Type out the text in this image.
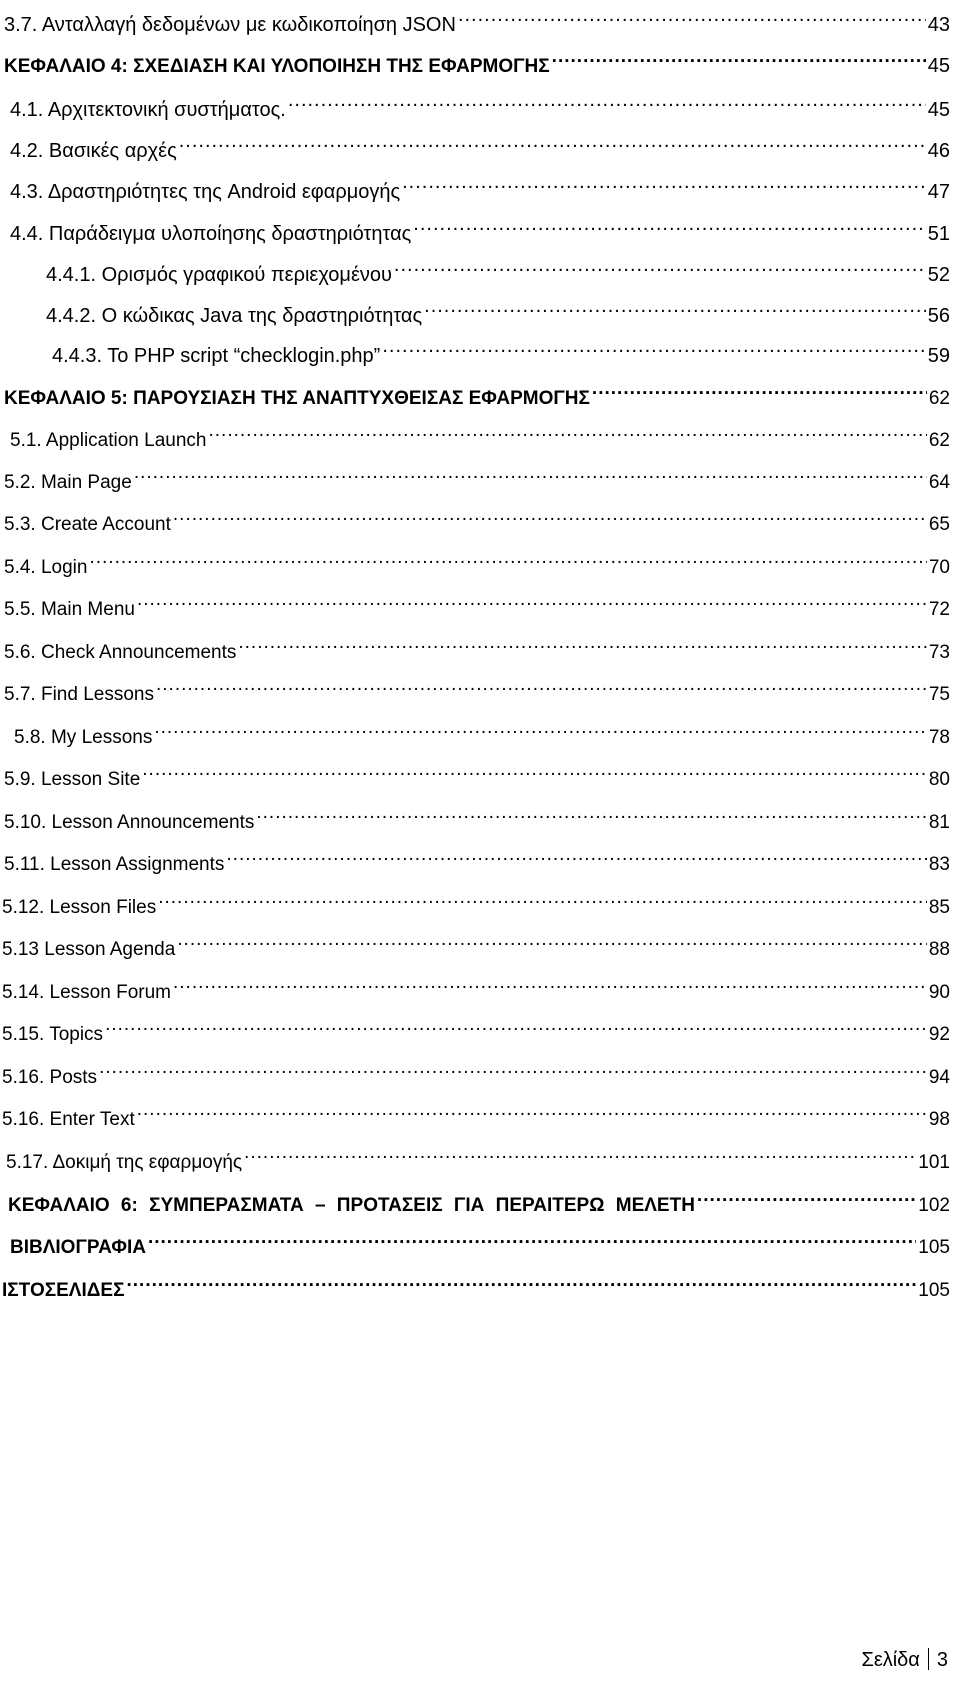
3.7. Ανταλλαγή δεδομένων με κωδικοποίηση JSON .....	43
ΚΕΦΑΛΑΙΟ 4: ΣΧΕΔΙΑΣΗ ΚΑΙ ΥΛΟΠΟΙΗΣΗ ΤΗΣ ΕΦΑΡΜΟΓΗΣ .....	45
4.1. Αρχιτεκτονική συστήματος. .....	45
4.2. Βασικές αρχές .....	46
4.3. Δραστηριότητες της Android εφαρμογής .....	47
4.4. Παράδειγμα υλοποίησης δραστηριότητας .....	51
4.4.1. Ορισμός γραφικού περιεχομένου .....	52
4.4.2. Ο κώδικας Java της δραστηριότητας .....	56
4.4.3. Το PHP script “checklogin.php” .....	59
ΚΕΦΑΛΑΙΟ 5: ΠΑΡΟΥΣΙΑΣΗ ΤΗΣ ΑΝΑΠΤΥΧΘΕΙΣΑΣ ΕΦΑΡΜΟΓΗΣ .....	62
5.1. Application Launch .....	62
5.2. Main Page .....	64
5.3. Create Account .....	65
5.4. Login .....	70
5.5. Main Menu .....	72
5.6. Check Announcements .....	73
5.7. Find Lessons .....	75
5.8. My Lessons .....	78
5.9. Lesson Site .....	80
5.10. Lesson Announcements .....	81
5.11. Lesson Assignments .....	83
5.12. Lesson Files .....	85
5.13 Lesson Agenda .....	88
5.14. Lesson Forum .....	90
5.15. Topics .....	92
5.16. Posts .....	94
5.16. Enter Text .....	98
5.17. Δοκιμή της εφαρμογής .....	101
ΚΕΦΑΛΑΙΟ 6: ΣΥΜΠΕΡΑΣΜΑΤΑ – ΠΡΟΤΑΣΕΙΣ ΓΙΑ ΠΕΡΑΙΤΕΡΩ ΜΕΛΕΤΗ .....	102
ΒΙΒΛΙΟΓΡΑΦΙΑ .....	105
ΙΣΤΟΣΕΛΙΔΕΣ .....	105
Σελίδα 3
